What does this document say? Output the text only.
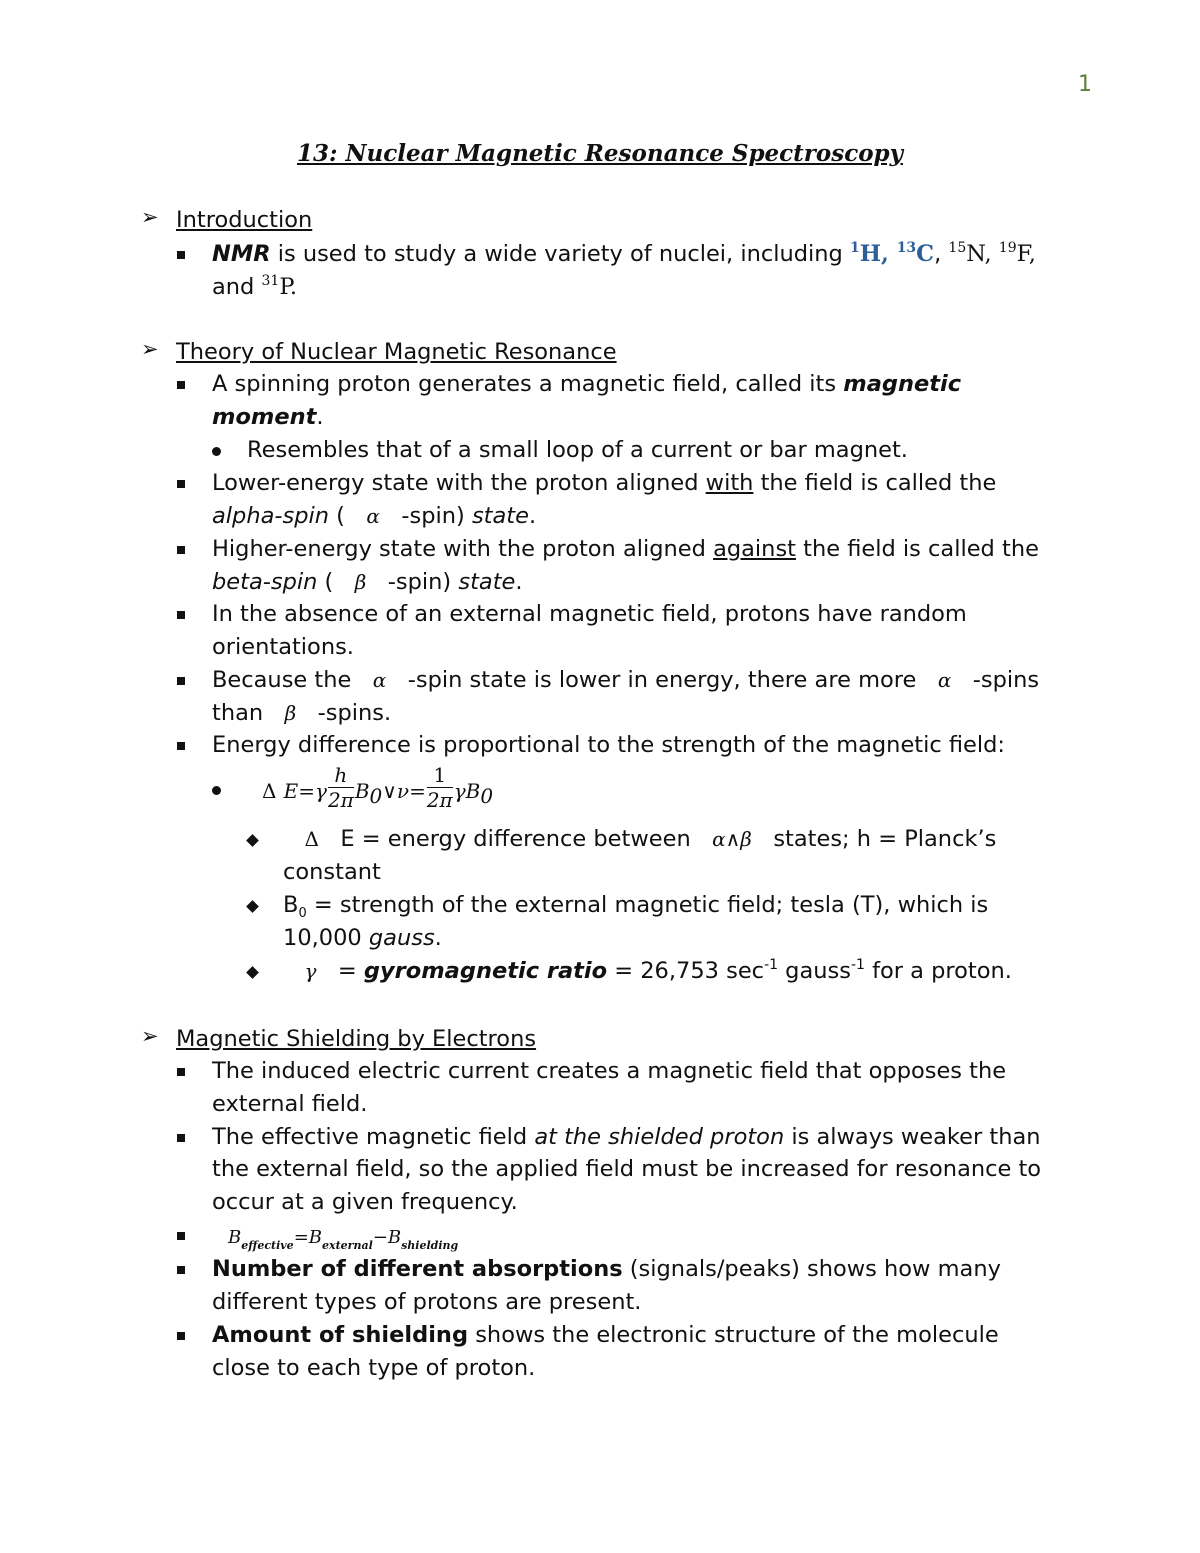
1
13: Nuclear Magnetic Resonance Spectroscopy
➢ Introduction
NMR is used to study a wide variety of nuclei, including $^1$H, $^{13}$C, $^{15}$N, $^{19}$F,
and $^{31}$P.
➢ Theory of Nuclear Magnetic Resonance
A spinning proton generates a magnetic field, called its magnetic
moment.
Resembles that of a small loop of a current or bar magnet.
Lower-energy state with the proton aligned with the field is called the
alpha-spin (   α   -spin) state.
Higher-energy state with the proton aligned against the field is called the
beta-spin (   β   -spin) state.
In the absence of an external magnetic field, protons have random
orientations.
Because the   α   -spin state is lower in energy, there are more   α   -spins
than   β   -spins.
Energy difference is proportional to the strength of the magnetic field:
Δ $E=\gamma \frac{h}{2\pi}$ $B_0\vee\nu= \frac{1}{2\pi} \gamma B_0$
Δ   E = energy difference between   α∧β   states; h = Planck’s
constant
$B_0$ = strength of the external magnetic field; tesla (T), which is
10,000 gauss.
γ   = gyromagnetic ratio = 26,753 $\sec^{-1}$ gauss$^{-1}$ for a proton.
➢ Magnetic Shielding by Electrons
The induced electric current creates a magnetic field that opposes the
external field.
The effective magnetic field at the shielded proton is always weaker than
the external field, so the applied field must be increased for resonance to
occur at a given frequency.
$B_{effective}=B_{external}-B_{shielding}$
Number of different absorptions (signals/peaks) shows how many
different types of protons are present.
Amount of shielding shows the electronic structure of the molecule
close to each type of proton.
